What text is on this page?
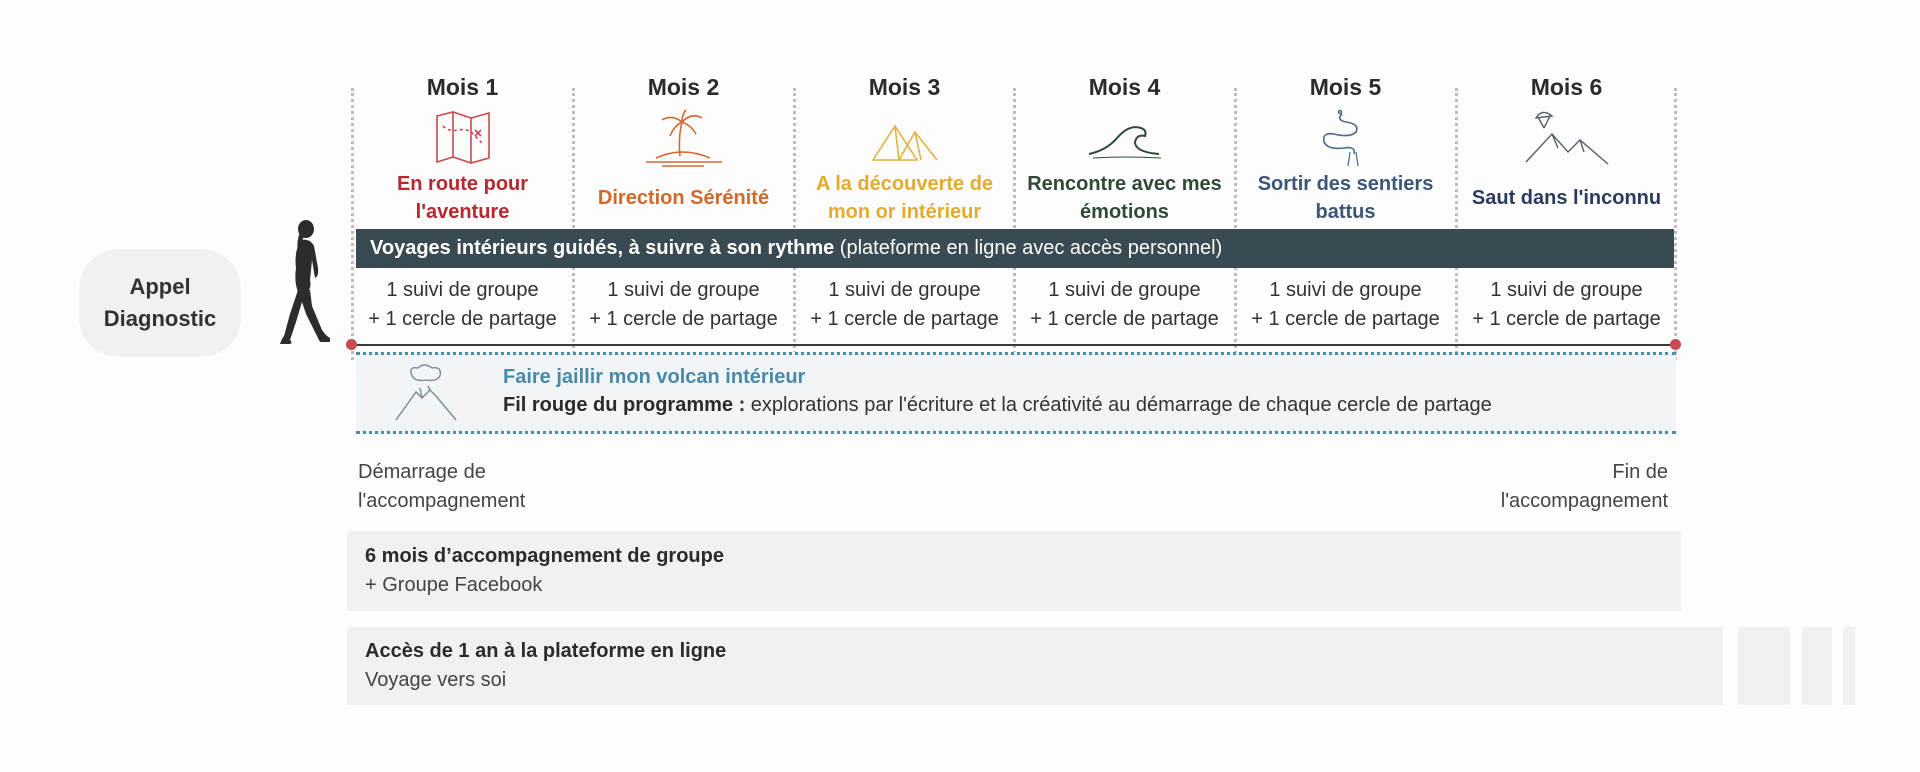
Appel
Diagnostic
Mois 1
En route pour
l'aventure
1 suivi de groupe
+ 1 cercle de partage
Mois 2
Direction Sérénité
1 suivi de groupe
+ 1 cercle de partage
Mois 3
A la découverte de
mon or intérieur
1 suivi de groupe
+ 1 cercle de partage
Mois 4
Rencontre avec mes
émotions
1 suivi de groupe
+ 1 cercle de partage
Mois 5
Sortir des sentiers
battus
1 suivi de groupe
+ 1 cercle de partage
Mois 6
Saut dans l'inconnu
1 suivi de groupe
+ 1 cercle de partage
Voyages intérieurs guidés, à suivre à son rythme (plateforme en ligne avec accès personnel)
Faire jaillir mon volcan intérieur
Fil rouge du programme : explorations par l'écriture et la créativité au démarrage de chaque cercle de partage
Démarrage de
l'accompagnement
Fin de
l'accompagnement
6 mois d’accompagnement de groupe
+ Groupe Facebook
Accès de 1 an à la plateforme en ligne
Voyage vers soi
